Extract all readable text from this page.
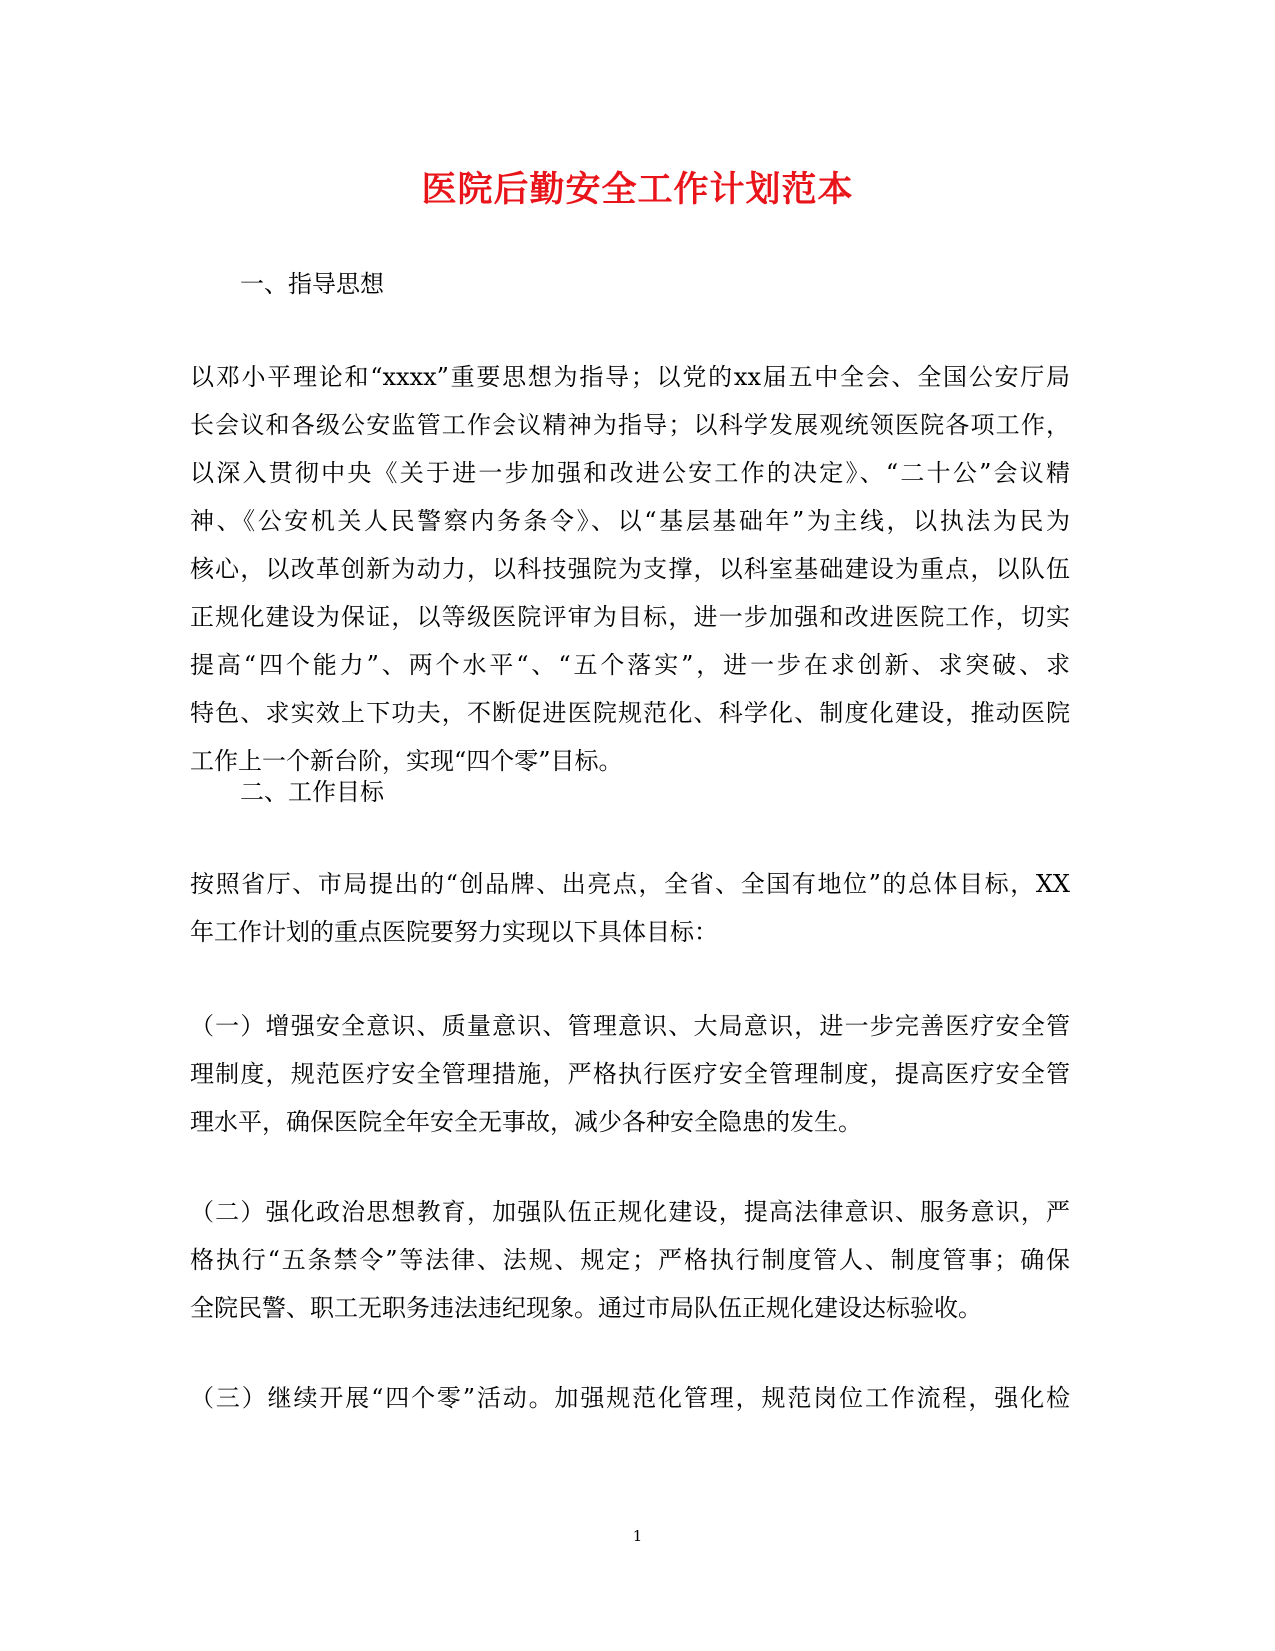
医院后勤安全工作计划范本
一、指导思想
以邓小平理论和“xxxx”重要思想为指导；以党的xx届五中全会、全国公安厅局
长会议和各级公安监管工作会议精神为指导；以科学发展观统领医院各项工作，
以深入贯彻中央《关于进一步加强和改进公安工作的决定》、“二十公”会议精
神、《公安机关人民警察内务条令》、以“基层基础年”为主线，以执法为民为
核心，以改革创新为动力，以科技强院为支撑，以科室基础建设为重点，以队伍
正规化建设为保证，以等级医院评审为目标，进一步加强和改进医院工作，切实
提高“四个能力”、两个水平“、“五个落实”，进一步在求创新、求突破、求
特色、求实效上下功夫，不断促进医院规范化、科学化、制度化建设，推动医院
工作上一个新台阶，实现“四个零”目标。
二、工作目标
按照省厅、市局提出的“创品牌、出亮点，全省、全国有地位”的总体目标，XX
年工作计划的重点医院要努力实现以下具体目标：
（一）增强安全意识、质量意识、管理意识、大局意识，进一步完善医疗安全管
理制度，规范医疗安全管理措施，严格执行医疗安全管理制度，提高医疗安全管
理水平，确保医院全年安全无事故，减少各种安全隐患的发生。
（二）强化政治思想教育，加强队伍正规化建设，提高法律意识、服务意识，严
格执行“五条禁令”等法律、法规、规定；严格执行制度管人、制度管事；确保
全院民警、职工无职务违法违纪现象。通过市局队伍正规化建设达标验收。
（三）继续开展“四个零”活动。加强规范化管理，规范岗位工作流程，强化检
1
